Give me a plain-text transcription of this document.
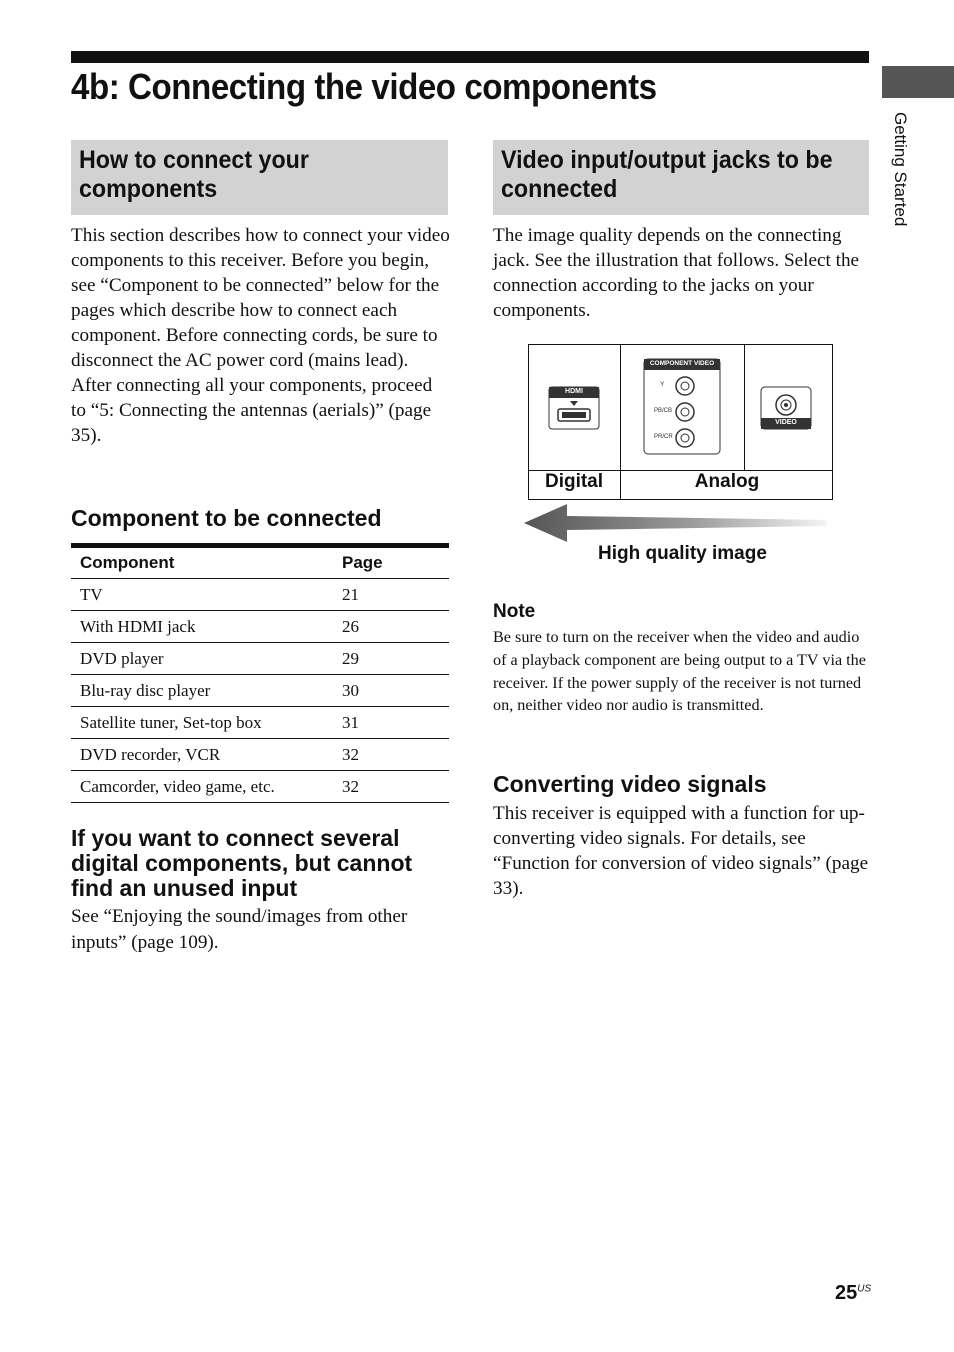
4b: Connecting the video components
Getting Started
How to connect your components

This section describes how to connect your video components to this receiver. Before you begin, see “Component to be connected” below for the pages which describe how to connect each component. Before connecting cords, be sure to disconnect the AC power cord (mains lead).

After connecting all your components, proceed to “5: Connecting the antennas (aerials)” (page 35).

Component to be connected
Component	Page
TV	21
With HDMI jack	26
DVD player	29
Blu-ray disc player	30
Satellite tuner, Set-top box	31
DVD recorder, VCR	32
Camcorder, video game, etc.	32
If you want to connect several digital components, but cannot find an unused input

See “Enjoying the sound/images from other inputs” (page 109).

Video input/output jacks to be connected

The image quality depends on the connecting jack. See the illustration that follows. Select the connection according to the jacks on your components.

HDMI
COMPONENT VIDEO
Y
PB/CB
PR/CR
VIDEO
Digital	Analog
High quality image

Note

Be sure to turn on the receiver when the video and audio of a playback component are being output to a TV via the receiver. If the power supply of the receiver is not turned on, neither video nor audio is transmitted.

Converting video signals

This receiver is equipped with a function for up-converting video signals. For details, see “Function for conversion of video signals” (page 33).

$25^{US}$
